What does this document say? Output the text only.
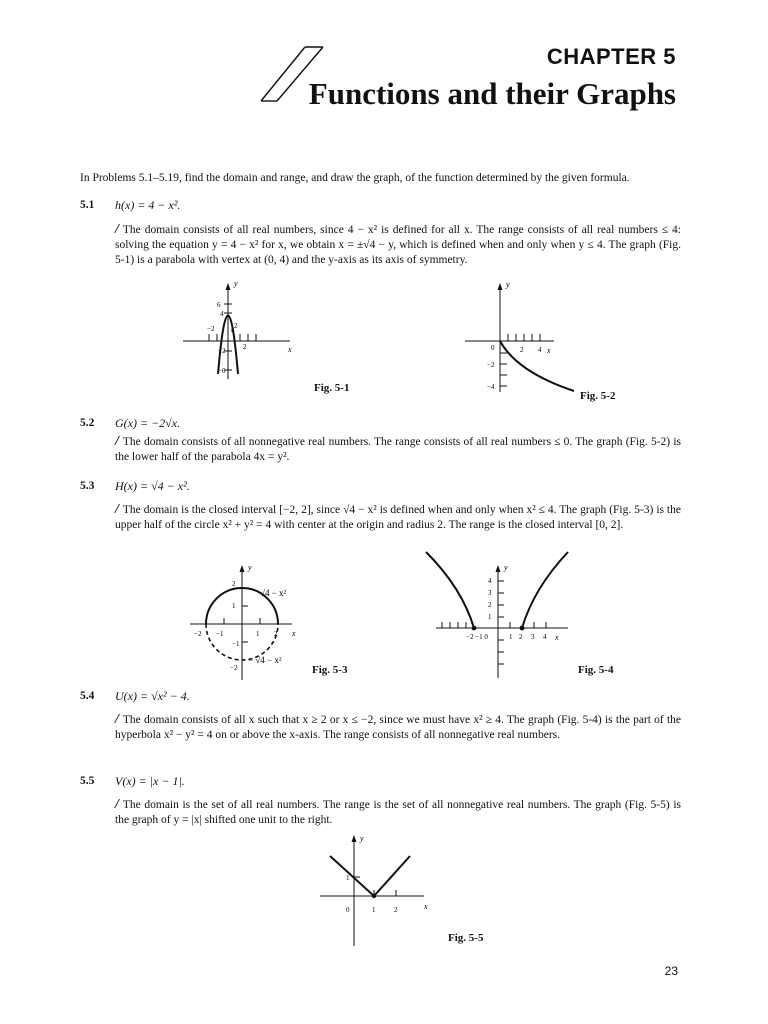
CHAPTER 5
Functions and their Graphs
In Problems 5.1–5.19, find the domain and range, and draw the graph, of the function determined by the given formula.
5.1 h(x) = 4 − x².
/ The domain consists of all real numbers, since 4 − x² is defined for all x. The range consists of all real numbers ≤ 4: solving the equation y = 4 − x² for x, we obtain x = ±√4 − y, which is defined when and only when y ≤ 4. The graph (Fig. 5-1) is a parabola with vertex at (0, 4) and the y-axis as its axis of symmetry.
y
x
6
4
−2	2
−2	2
−6
Fig. 5-1
y
x
0	2 4
−2
−4
Fig. 5-2
5.2 G(x) = −2√x.
/ The domain consists of all nonnegative real numbers. The range consists of all real numbers ≤ 0. The graph (Fig. 5-2) is the lower half of the parabola 4x = y².
5.3 H(x) = √4 − x².
/ The domain is the closed interval [−2, 2], since √4 − x² is defined when and only when x² ≤ 4. The graph (Fig. 5-3) is the upper half of the circle x² + y² = 4 with center at the origin and radius 2. The range is the closed interval [0, 2].
y
x
√4 − x²
− √4 − x²
2
1
−2 −1	1 2
−1
−2	Fig. 5-3
y
x
4
3
2
1
−2 −1 0	1 2 3 4
Fig. 5-4
5.4 U(x) = √x² − 4.
/ The domain consists of all x such that x ≥ 2 or x ≤ −2, since we must have x² ≥ 4. The graph (Fig. 5-4) is the part of the hyperbola x² − y² = 4 on or above the x-axis. The range consists of all nonnegative real numbers.
5.5 V(x) = |x − 1|.
/ The domain is the set of all real numbers. The range is the set of all nonnegative real numbers. The graph (Fig. 5-5) is the graph of y = |x| shifted one unit to the right.
y
x
1
0	1	2
Fig. 5-5
23
